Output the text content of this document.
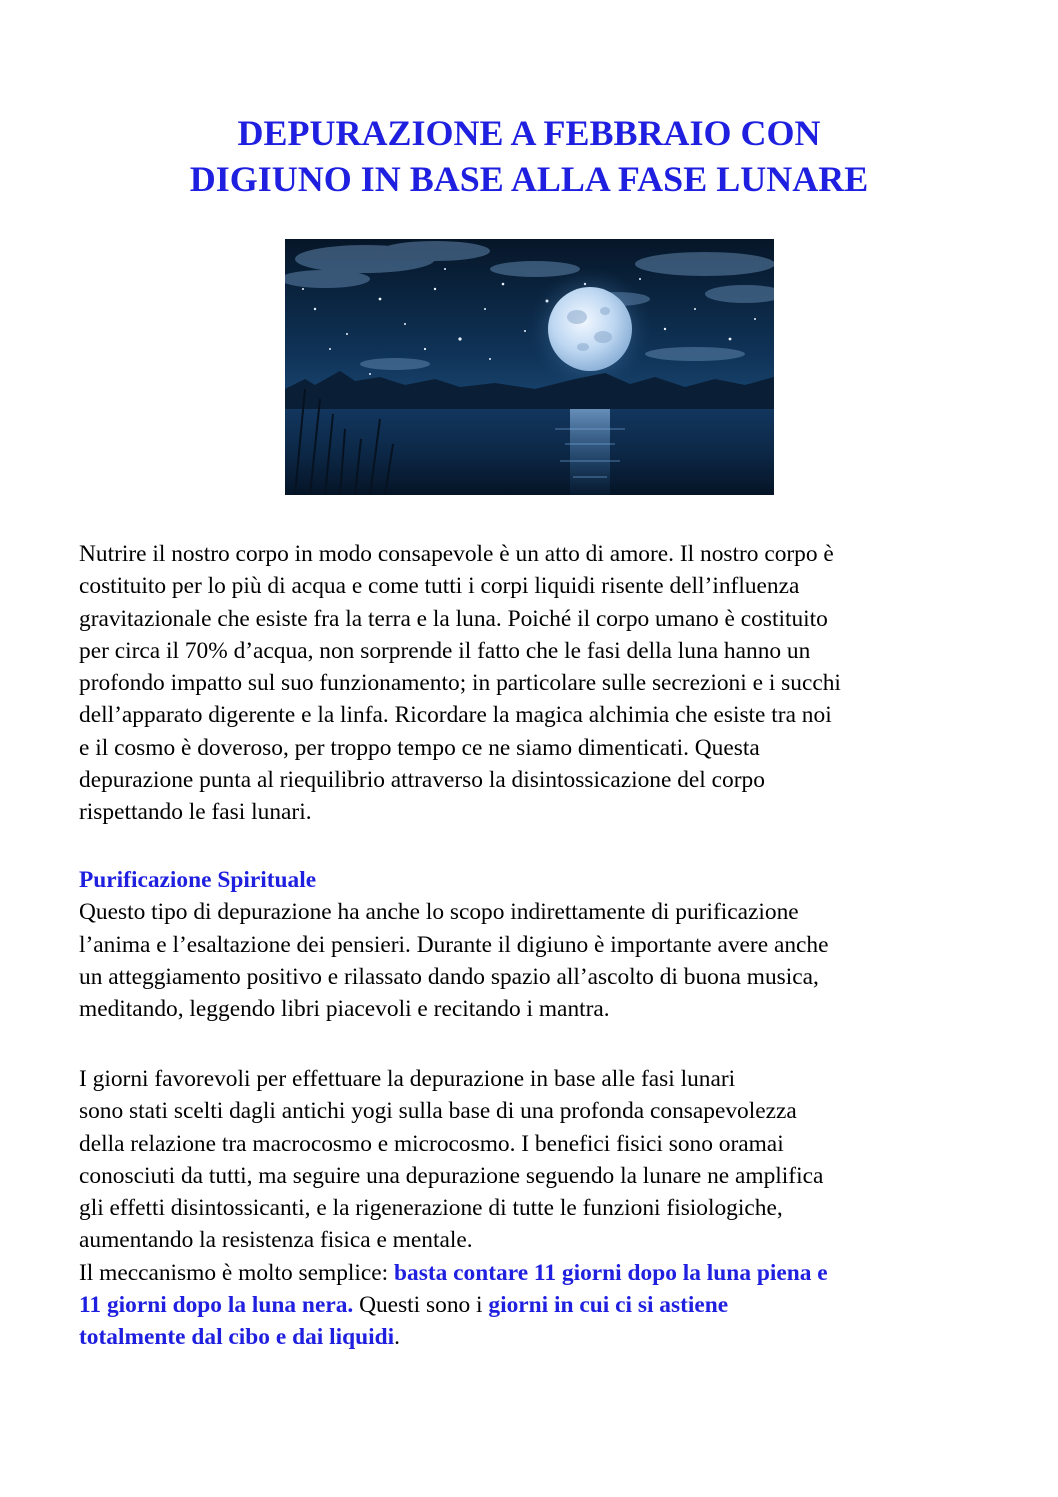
DEPURAZIONE A FEBBRAIO CON
DIGIUNO IN BASE ALLA FASE LUNARE

Nutrire il nostro corpo in modo consapevole è un atto di amore. Il nostro corpo è
costituito per lo più di acqua e come tutti i corpi liquidi risente dell’influenza
gravitazionale che esiste fra la terra e la luna. Poiché il corpo umano è costituito
per circa il 70% d’acqua, non sorprende il fatto che le fasi della luna hanno un
profondo impatto sul suo funzionamento; in particolare sulle secrezioni e i succhi
dell’apparato digerente e la linfa. Ricordare la magica alchimia che esiste tra noi
e il cosmo è doveroso, per troppo tempo ce ne siamo dimenticati. Questa
depurazione punta al riequilibrio attraverso la disintossicazione del corpo
rispettando le fasi lunari.

Purificazione Spirituale
Questo tipo di depurazione ha anche lo scopo indirettamente di purificazione
l’anima e l’esaltazione dei pensieri. Durante il digiuno è importante avere anche
un atteggiamento positivo e rilassato dando spazio all’ascolto di buona musica,
meditando, leggendo libri piacevoli e recitando i mantra.

I giorni favorevoli per effettuare la depurazione in base alle fasi lunari
sono stati scelti dagli antichi yogi sulla base di una profonda consapevolezza
della relazione tra macrocosmo e microcosmo. I benefici fisici sono oramai
conosciuti da tutti, ma seguire una depurazione seguendo la lunare ne amplifica
gli effetti disintossicanti, e la rigenerazione di tutte le funzioni fisiologiche,
aumentando la resistenza fisica e mentale.
Il meccanismo è molto semplice: basta contare 11 giorni dopo la luna piena e
11 giorni dopo la luna nera. Questi sono i giorni in cui ci si astiene
totalmente dal cibo e dai liquidi.
